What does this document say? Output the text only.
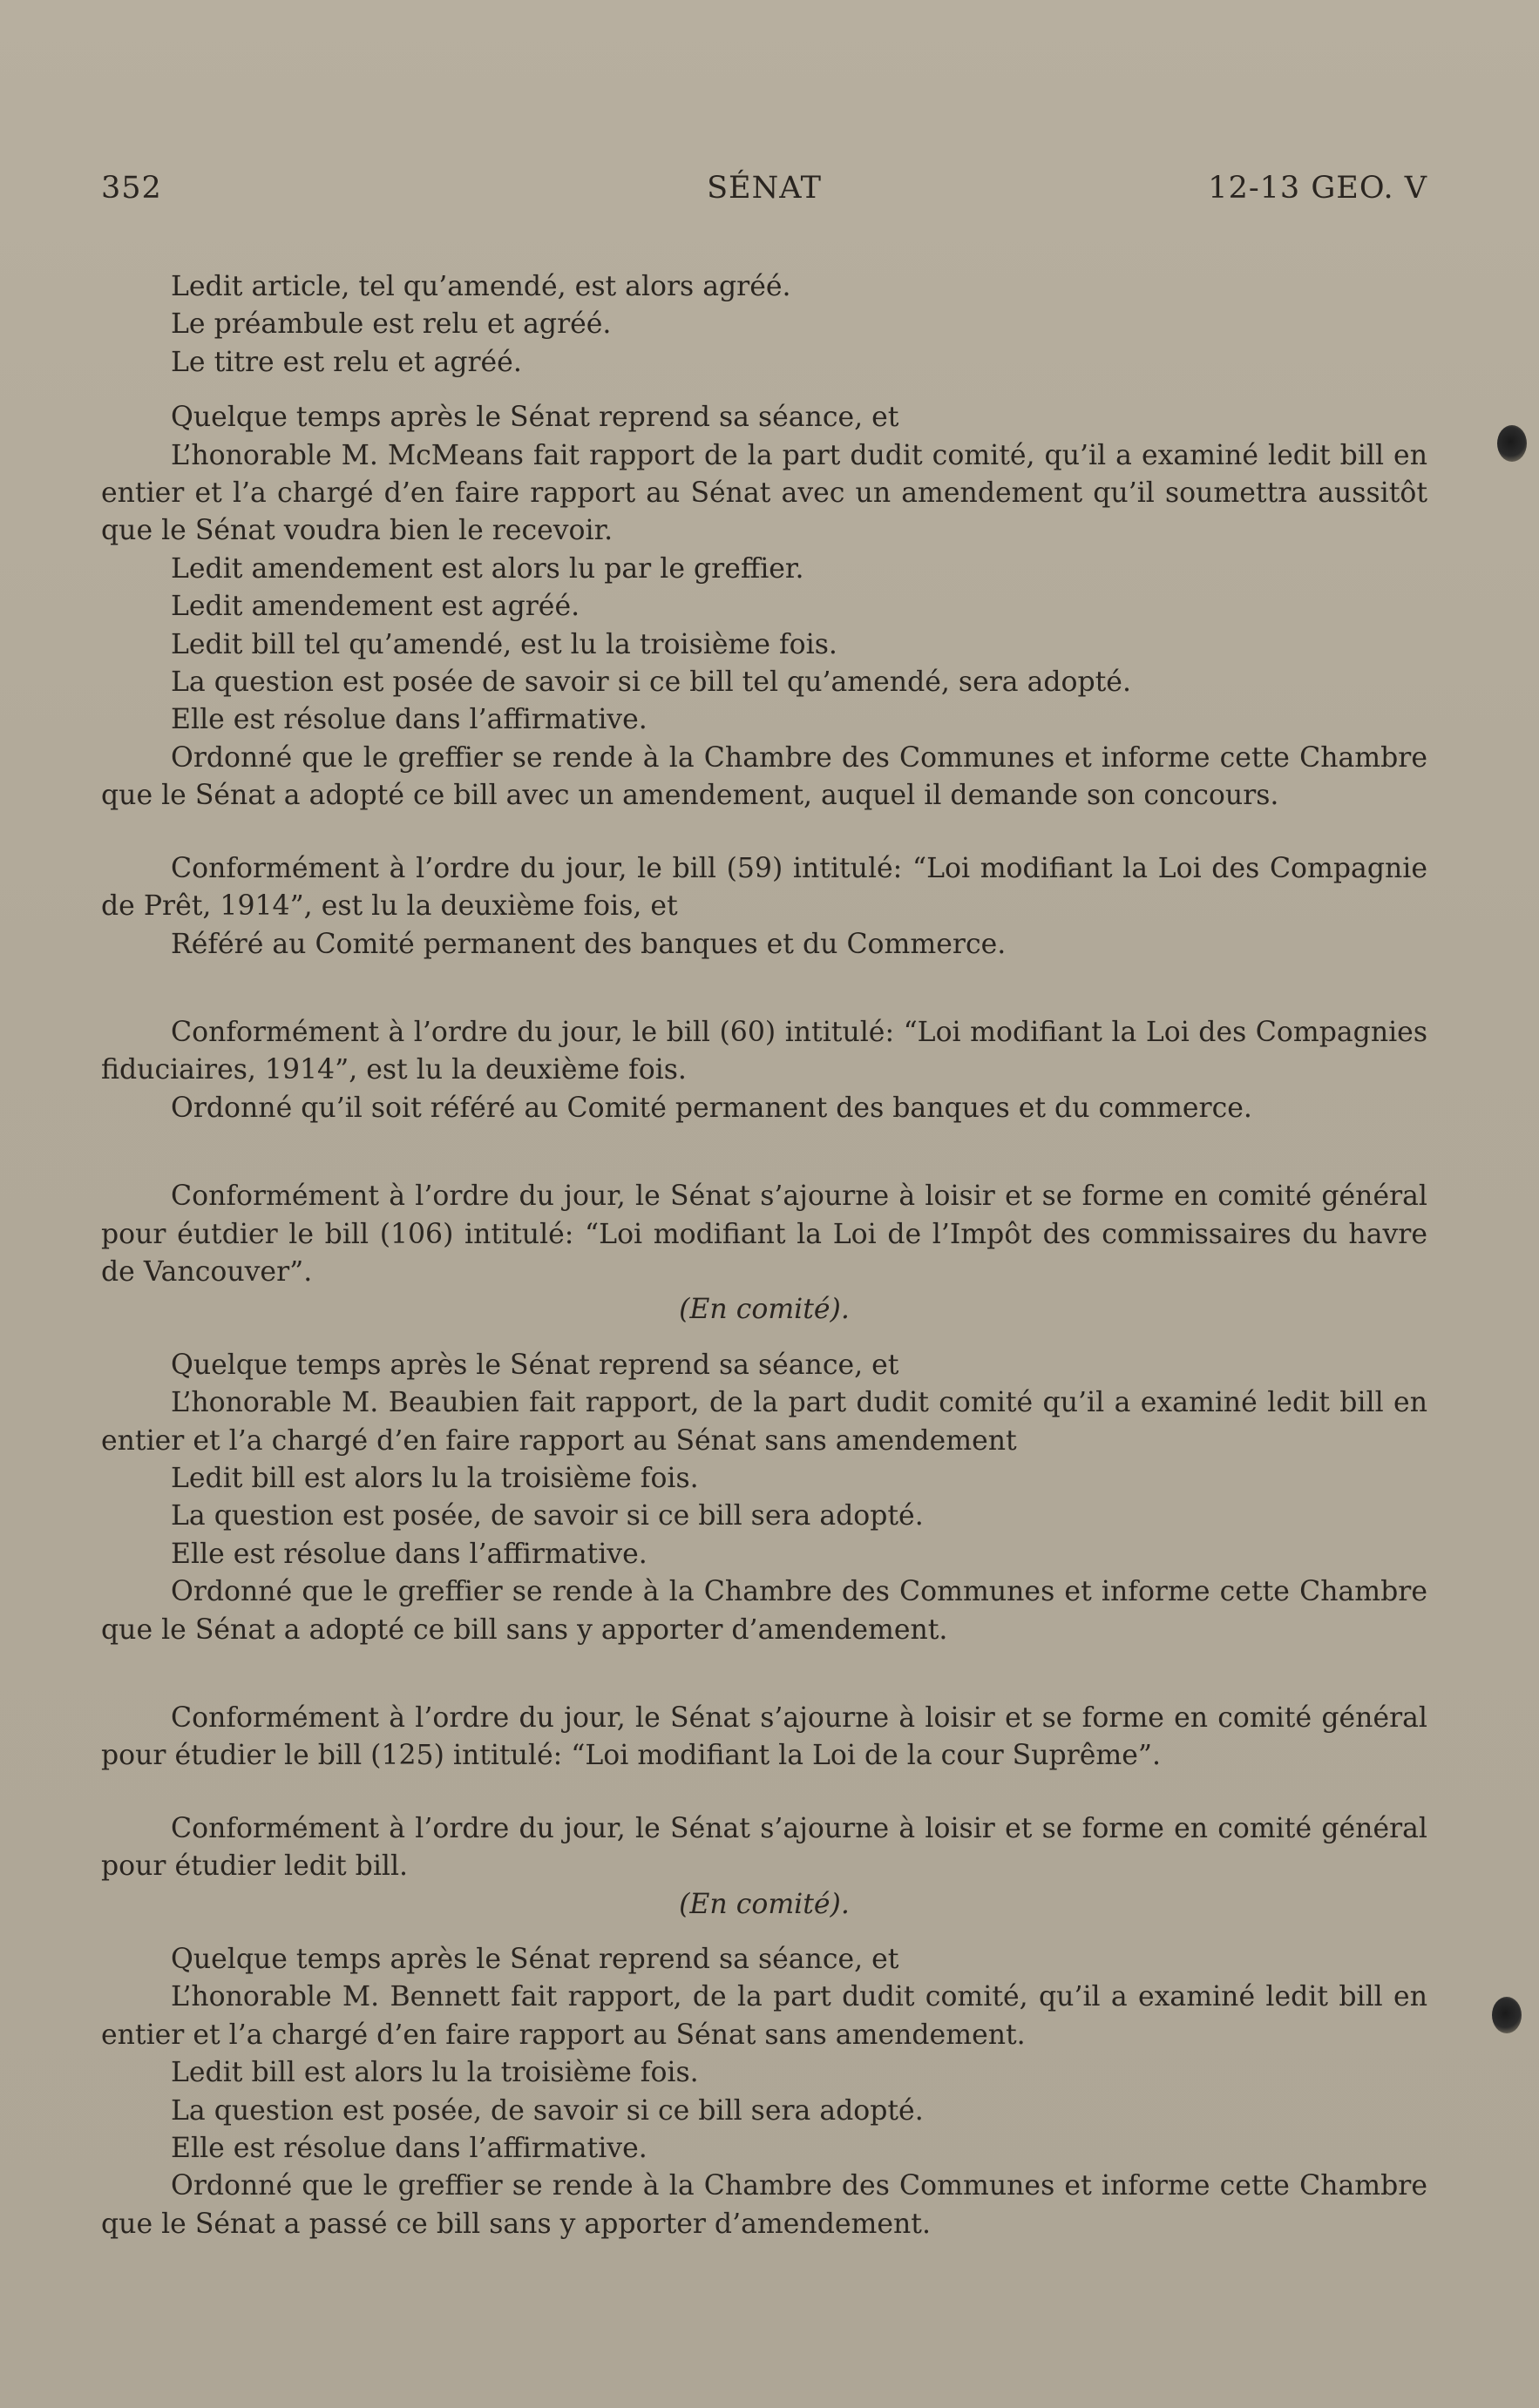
352	SÉNAT	12-13 GEO. V

Ledit article, tel qu’amendé, est alors agréé.

Le préambule est relu et agréé.

Le titre est relu et agréé.

Quelque temps après le Sénat reprend sa séance, et

L’honorable M. McMeans fait rapport de la part dudit comité, qu’il a examiné ledit bill en entier et l’a chargé d’en faire rapport au Sénat avec un amendement qu’il soumettra aussitôt que le Sénat voudra bien le recevoir.

Ledit amendement est alors lu par le greffier.

Ledit amendement est agréé.

Ledit bill tel qu’amendé, est lu la troisième fois.

La question est posée de savoir si ce bill tel qu’amendé, sera adopté.

Elle est résolue dans l’affirmative.

Ordonné que le greffier se rende à la Chambre des Communes et informe cette Chambre que le Sénat a adopté ce bill avec un amendement, auquel il demande son concours.

Conformément à l’ordre du jour, le bill (59) intitulé: “Loi modifiant la Loi des Compagnie de Prêt, 1914”, est lu la deuxième fois, et

Référé au Comité permanent des banques et du Commerce.

Conformément à l’ordre du jour, le bill (60) intitulé: “Loi modifiant la Loi des Compagnies fiduciaires, 1914”, est lu la deuxième fois.

Ordonné qu’il soit référé au Comité permanent des banques et du commerce.

Conformément à l’ordre du jour, le Sénat s’ajourne à loisir et se forme en comité général pour éutdier le bill (106) intitulé: “Loi modifiant la Loi de l’Impôt des commissaires du havre de Vancouver”.

(En comité).

Quelque temps après le Sénat reprend sa séance, et

L’honorable M. Beaubien fait rapport, de la part dudit comité qu’il a examiné ledit bill en entier et l’a chargé d’en faire rapport au Sénat sans amendement

Ledit bill est alors lu la troisième fois.

La question est posée, de savoir si ce bill sera adopté.

Elle est résolue dans l’affirmative.

Ordonné que le greffier se rende à la Chambre des Communes et informe cette Chambre que le Sénat a adopté ce bill sans y apporter d’amendement.

Conformément à l’ordre du jour, le Sénat s’ajourne à loisir et se forme en comité général pour étudier le bill (125) intitulé: “Loi modifiant la Loi de la cour Suprême”.

Conformément à l’ordre du jour, le Sénat s’ajourne à loisir et se forme en comité général pour étudier ledit bill.

(En comité).

Quelque temps après le Sénat reprend sa séance, et

L’honorable M. Bennett fait rapport, de la part dudit comité, qu’il a examiné ledit bill en entier et l’a chargé d’en faire rapport au Sénat sans amendement.

Ledit bill est alors lu la troisième fois.

La question est posée, de savoir si ce bill sera adopté.

Elle est résolue dans l’affirmative.

Ordonné que le greffier se rende à la Chambre des Communes et informe cette Chambre que le Sénat a passé ce bill sans y apporter d’amendement.
